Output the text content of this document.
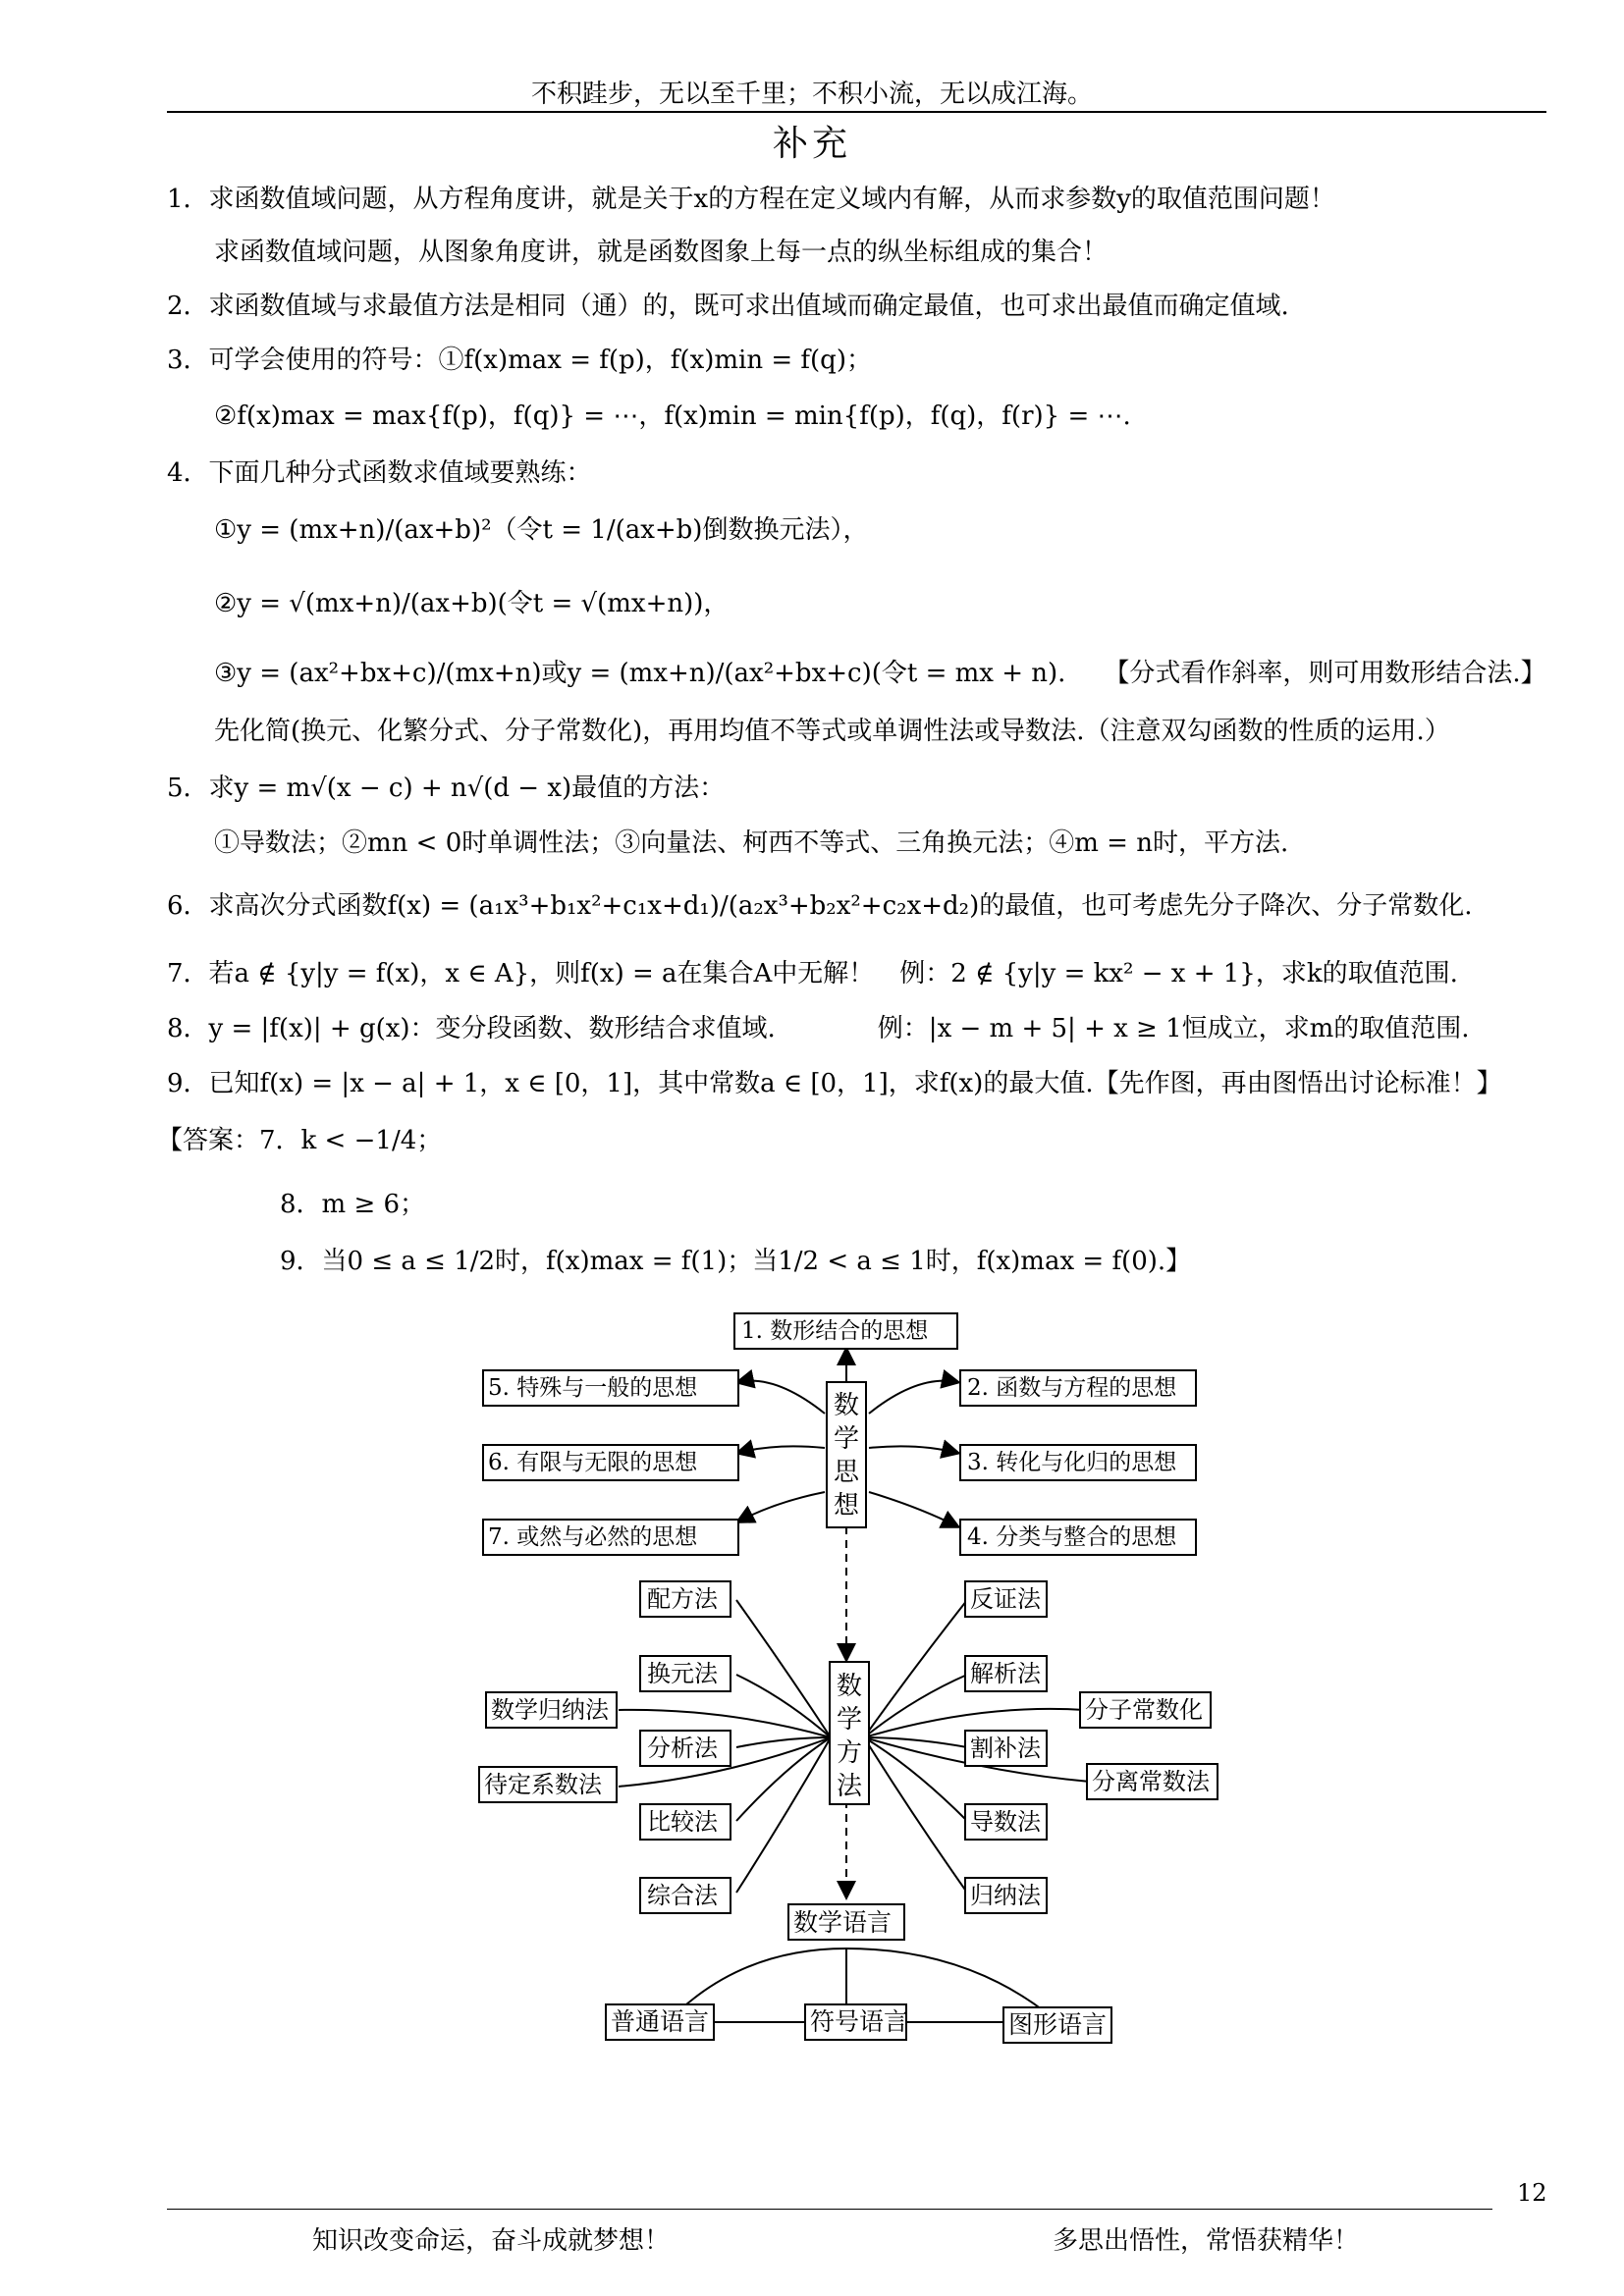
不积跬步，无以至千里；不积小流，无以成江海。
补充
1．求函数值域问题，从方程角度讲，就是关于x的方程在定义域内有解，从而求参数y的取值范围问题！
求函数值域问题，从图象角度讲，就是函数图象上每一点的纵坐标组成的集合！
2．求函数值域与求最值方法是相同（通）的，既可求出值域而确定最值，也可求出最值而确定值域.
3．可学会使用的符号：①f(x)max = f(p)，f(x)min = f(q)；
②f(x)max = max{f(p)，f(q)} = ⋯，f(x)min = min{f(p)，f(q)，f(r)} = ⋯.
4．下面几种分式函数求值域要熟练：
①y = (mx+n)/(ax+b)²（令t = 1/(ax+b)倒数换元法），
②y = √(mx+n)/(ax+b)(令t = √(mx+n))，
③y = (ax²+bx+c)/(mx+n)或y = (mx+n)/(ax²+bx+c)(令t = mx + n).　　【分式看作斜率，则可用数形结合法.】
先化简(换元、化繁分式、分子常数化)，再用均值不等式或单调性法或导数法.（注意双勾函数的性质的运用.）
5．求y = m√(x − c) + n√(d − x)最值的方法：
①导数法；②mn < 0时单调性法；③向量法、柯西不等式、三角换元法；④m = n时，平方法.
6．求高次分式函数f(x) = (a₁x³+b₁x²+c₁x+d₁)/(a₂x³+b₂x²+c₂x+d₂)的最值，也可考虑先分子降次、分子常数化.
7．若a ∉ {y|y = f(x)，x ∈ A}，则f(x) = a在集合A中无解！　例：2 ∉ {y|y = kx² − x + 1}，求k的取值范围.
8．y = |f(x)| + g(x)：变分段函数、数形结合求值域.　　　　例：|x − m + 5| + x ≥ 1恒成立，求m的取值范围.
9．已知f(x) = |x − a| + 1，x ∈ [0，1]，其中常数a ∈ [0，1]，求f(x)的最大值.【先作图，再由图悟出讨论标准！】
【答案：7．k < −1/4；
8．m ≥ 6；
9．当0 ≤ a ≤ 1/2时，f(x)max = f(1)；当1/2 < a ≤ 1时，f(x)max = f(0).】
1. 数形结合的思想
2. 函数与方程的思想
3. 转化与化归的思想
4. 分类与整合的思想
5. 特殊与一般的思想
6. 有限与无限的思想
7. 或然与必然的思想
数
学
思
想
配方法
换元法
数学归纳法
分析法
待定系数法
比较法
综合法
反证法
解析法
分子常数化
割补法
分离常数法
导数法
归纳法
数
学
方
法
数学语言
普通语言	符号语言	图形语言
12
知识改变命运，奋斗成就梦想！	多思出悟性，常悟获精华！
